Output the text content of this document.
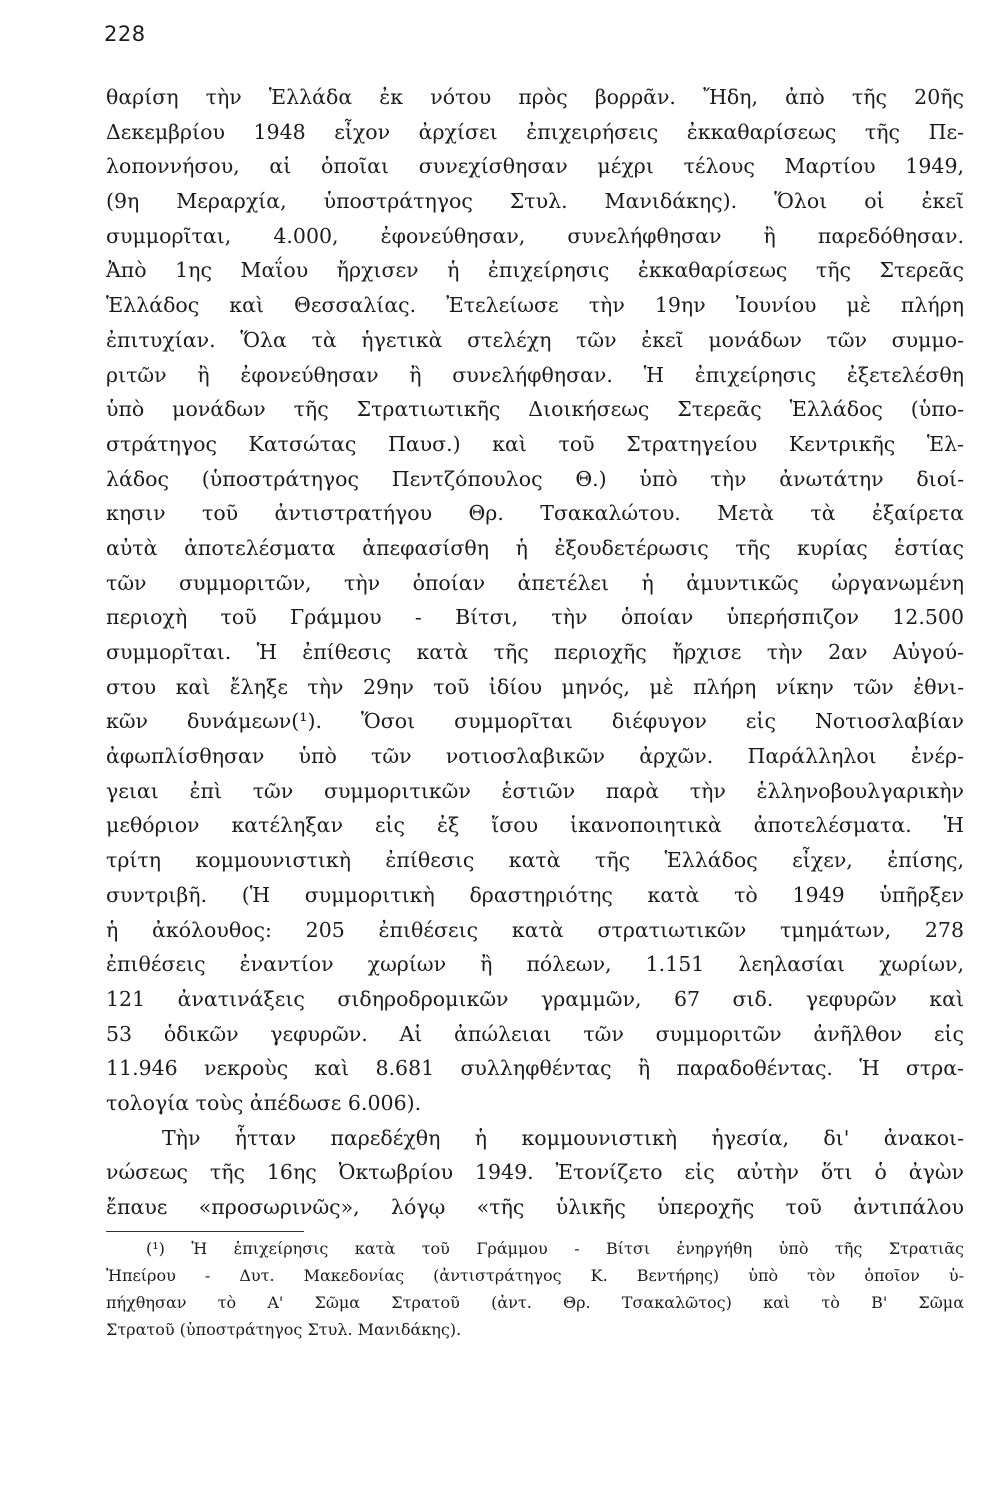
228
θαρίση τὴν Ἑλλάδα ἐκ νότου πρὸς βορρᾶν. Ἤδη, ἀπὸ τῆς 20ῆς
Δεκεμβρίου 1948 εἶχον ἀρχίσει ἐπιχειρήσεις ἐκκαθαρίσεως τῆς Πε-
λοποννήσου, αἱ ὁποῖαι συνεχίσθησαν μέχρι τέλους Μαρτίου 1949,
(9η Μεραρχία, ὑποστράτηγος Στυλ. Μανιδάκης). Ὅλοι οἱ ἐκεῖ
συμμορῖται, 4.000, ἐφονεύθησαν, συνελήφθησαν ἢ παρεδόθησαν.
Ἀπὸ 1ης Μαΐου ἤρχισεν ἡ ἐπιχείρησις ἐκκαθαρίσεως τῆς Στερεᾶς
Ἑλλάδος καὶ Θεσσαλίας. Ἐτελείωσε τὴν 19ην Ἰουνίου μὲ πλήρη
ἐπιτυχίαν. Ὅλα τὰ ἡγετικὰ στελέχη τῶν ἐκεῖ μονάδων τῶν συμμο-
ριτῶν ἢ ἐφονεύθησαν ἢ συνελήφθησαν. Ἡ ἐπιχείρησις ἐξετελέσθη
ὑπὸ μονάδων τῆς Στρατιωτικῆς Διοικήσεως Στερεᾶς Ἑλλάδος (ὑπο-
στράτηγος Κατσώτας Παυσ.) καὶ τοῦ Στρατηγείου Κεντρικῆς Ἑλ-
λάδος (ὑποστράτηγος Πεντζόπουλος Θ.) ὑπὸ τὴν ἀνωτάτην διοί-
κησιν τοῦ ἀντιστρατήγου Θρ. Τσακαλώτου. Μετὰ τὰ ἐξαίρετα
αὐτὰ ἀποτελέσματα ἀπεφασίσθη ἡ ἐξουδετέρωσις τῆς κυρίας ἑστίας
τῶν συμμοριτῶν, τὴν ὁποίαν ἀπετέλει ἡ ἀμυντικῶς ὠργανωμένη
περιοχὴ τοῦ Γράμμου - Βίτσι, τὴν ὁποίαν ὑπερήσπιζον 12.500
συμμορῖται. Ἡ ἐπίθεσις κατὰ τῆς περιοχῆς ἤρχισε τὴν 2αν Αὐγού-
στου καὶ ἔληξε τὴν 29ην τοῦ ἰδίου μηνός, μὲ πλήρη νίκην τῶν ἐθνι-
κῶν δυνάμεων(¹). Ὅσοι συμμορῖται διέφυγον εἰς Νοτιοσλαβίαν
ἀφωπλίσθησαν ὑπὸ τῶν νοτιοσλαβικῶν ἀρχῶν. Παράλληλοι ἐνέρ-
γειαι ἐπὶ τῶν συμμοριτικῶν ἑστιῶν παρὰ τὴν ἑλληνοβουλγαρικὴν
μεθόριον κατέληξαν εἰς ἐξ ἴσου ἱκανοποιητικὰ ἀποτελέσματα. Ἡ
τρίτη κομμουνιστικὴ ἐπίθεσις κατὰ τῆς Ἑλλάδος εἶχεν, ἐπίσης,
συντριβῆ. (Ἡ συμμοριτικὴ δραστηριότης κατὰ τὸ 1949 ὑπῆρξεν
ἡ ἀκόλουθος: 205 ἐπιθέσεις κατὰ στρατιωτικῶν τμημάτων, 278
ἐπιθέσεις ἐναντίον χωρίων ἢ πόλεων, 1.151 λεηλασίαι χωρίων,
121 ἀνατινάξεις σιδηροδρομικῶν γραμμῶν, 67 σιδ. γεφυρῶν καὶ
53 ὁδικῶν γεφυρῶν. Αἱ ἀπώλειαι τῶν συμμοριτῶν ἀνῆλθον εἰς
11.946 νεκροὺς καὶ 8.681 συλληφθέντας ἢ παραδοθέντας. Ἡ στρα-
τολογία τοὺς ἀπέδωσε 6.006).
Τὴν ἧτταν παρεδέχθη ἡ κομμουνιστικὴ ἡγεσία, δι' ἀνακοι-
νώσεως τῆς 16ης Ὀκτωβρίου 1949. Ἐτονίζετο εἰς αὐτὴν ὅτι ὁ ἀγὼν
ἔπαυε «προσωρινῶς», λόγῳ «τῆς ὑλικῆς ὑπεροχῆς τοῦ ἀντιπάλου
(¹) Ἡ ἐπιχείρησις κατὰ τοῦ Γράμμου - Βίτσι ἐνηργήθη ὑπὸ τῆς Στρατιᾶς
Ἠπείρου - Δυτ. Μακεδονίας (ἀντιστράτηγος Κ. Βεντήρης) ὑπὸ τὸν ὁποῖον ὑ-
πήχθησαν τὸ Α' Σῶμα Στρατοῦ (ἀντ. Θρ. Τσακαλῶτος) καὶ τὸ Β' Σῶμα
Στρατοῦ (ὑποστράτηγος Στυλ. Μανιδάκης).
